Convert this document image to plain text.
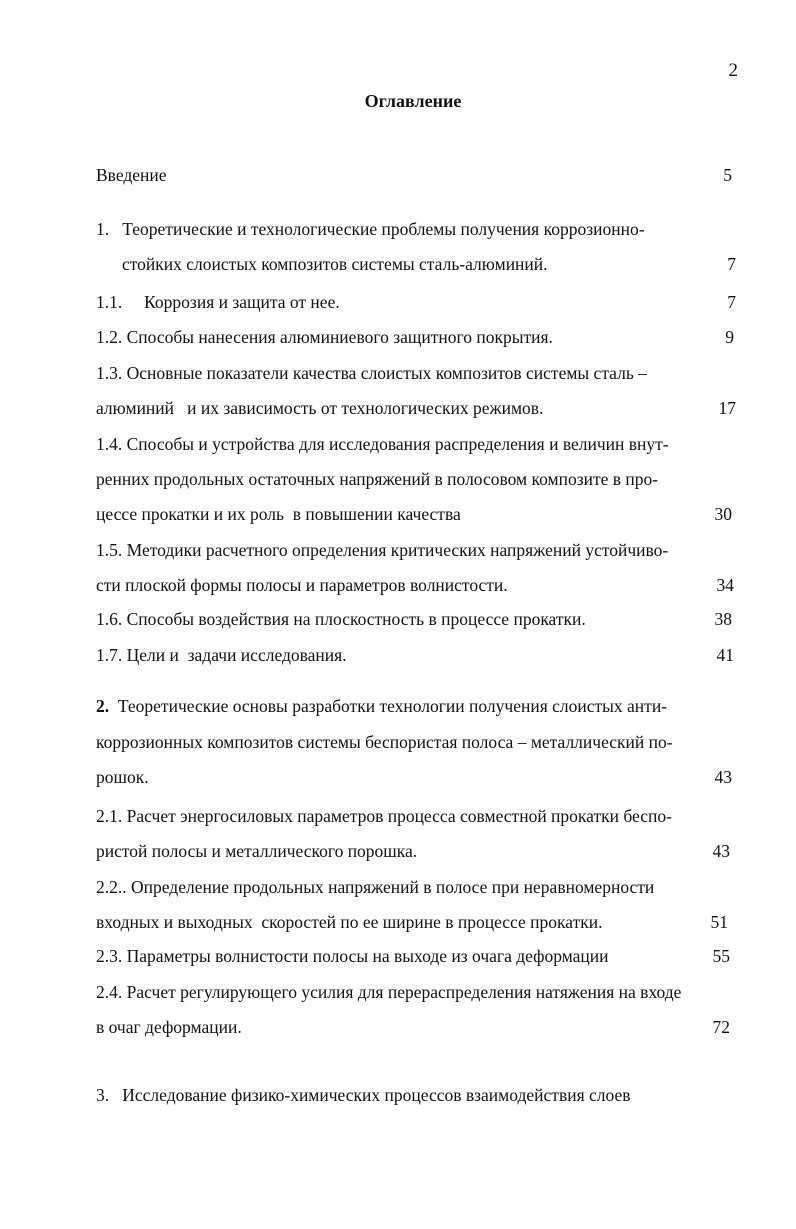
2
Оглавление
Введение	5
1. Теоретические и технологические проблемы получения коррозионно-
стойких слоистых композитов системы сталь-алюминий.	7
1.1. Коррозия и защита от нее.	7
1.2. Способы нанесения алюминиевого защитного покрытия.	9
1.3. Основные показатели качества слоистых композитов системы сталь –
алюминий   и их зависимость от технологических режимов.	17
1.4. Способы и устройства для исследования распределения и величин внут-
ренних продольных остаточных напряжений в полосовом композите в про-
цессе прокатки и их роль  в повышении качества	30
1.5. Методики расчетного определения критических напряжений устойчиво-
сти плоской формы полосы и параметров волнистости.	34
1.6. Способы воздействия на плоскостность в процессе прокатки.	38
1.7. Цели и  задачи исследования.	41
2. Теоретические основы разработки технологии получения слоистых анти-
коррозионных композитов системы беспористая полоса – металлический по-
рошок.	43
2.1. Расчет энергосиловых параметров процесса совместной прокатки беспо-
ристой полосы и металлического порошка.	43
2.2.. Определение продольных напряжений в полосе при неравномерности
входных и выходных  скоростей по ее ширине в процессе прокатки.	51
2.3. Параметры волнистости полосы на выходе из очага деформации	55
2.4. Расчет регулирующего усилия для перераспределения натяжения на входе
в очаг деформации.	72
3. Исследование физико-химических процессов взаимодействия слоев
